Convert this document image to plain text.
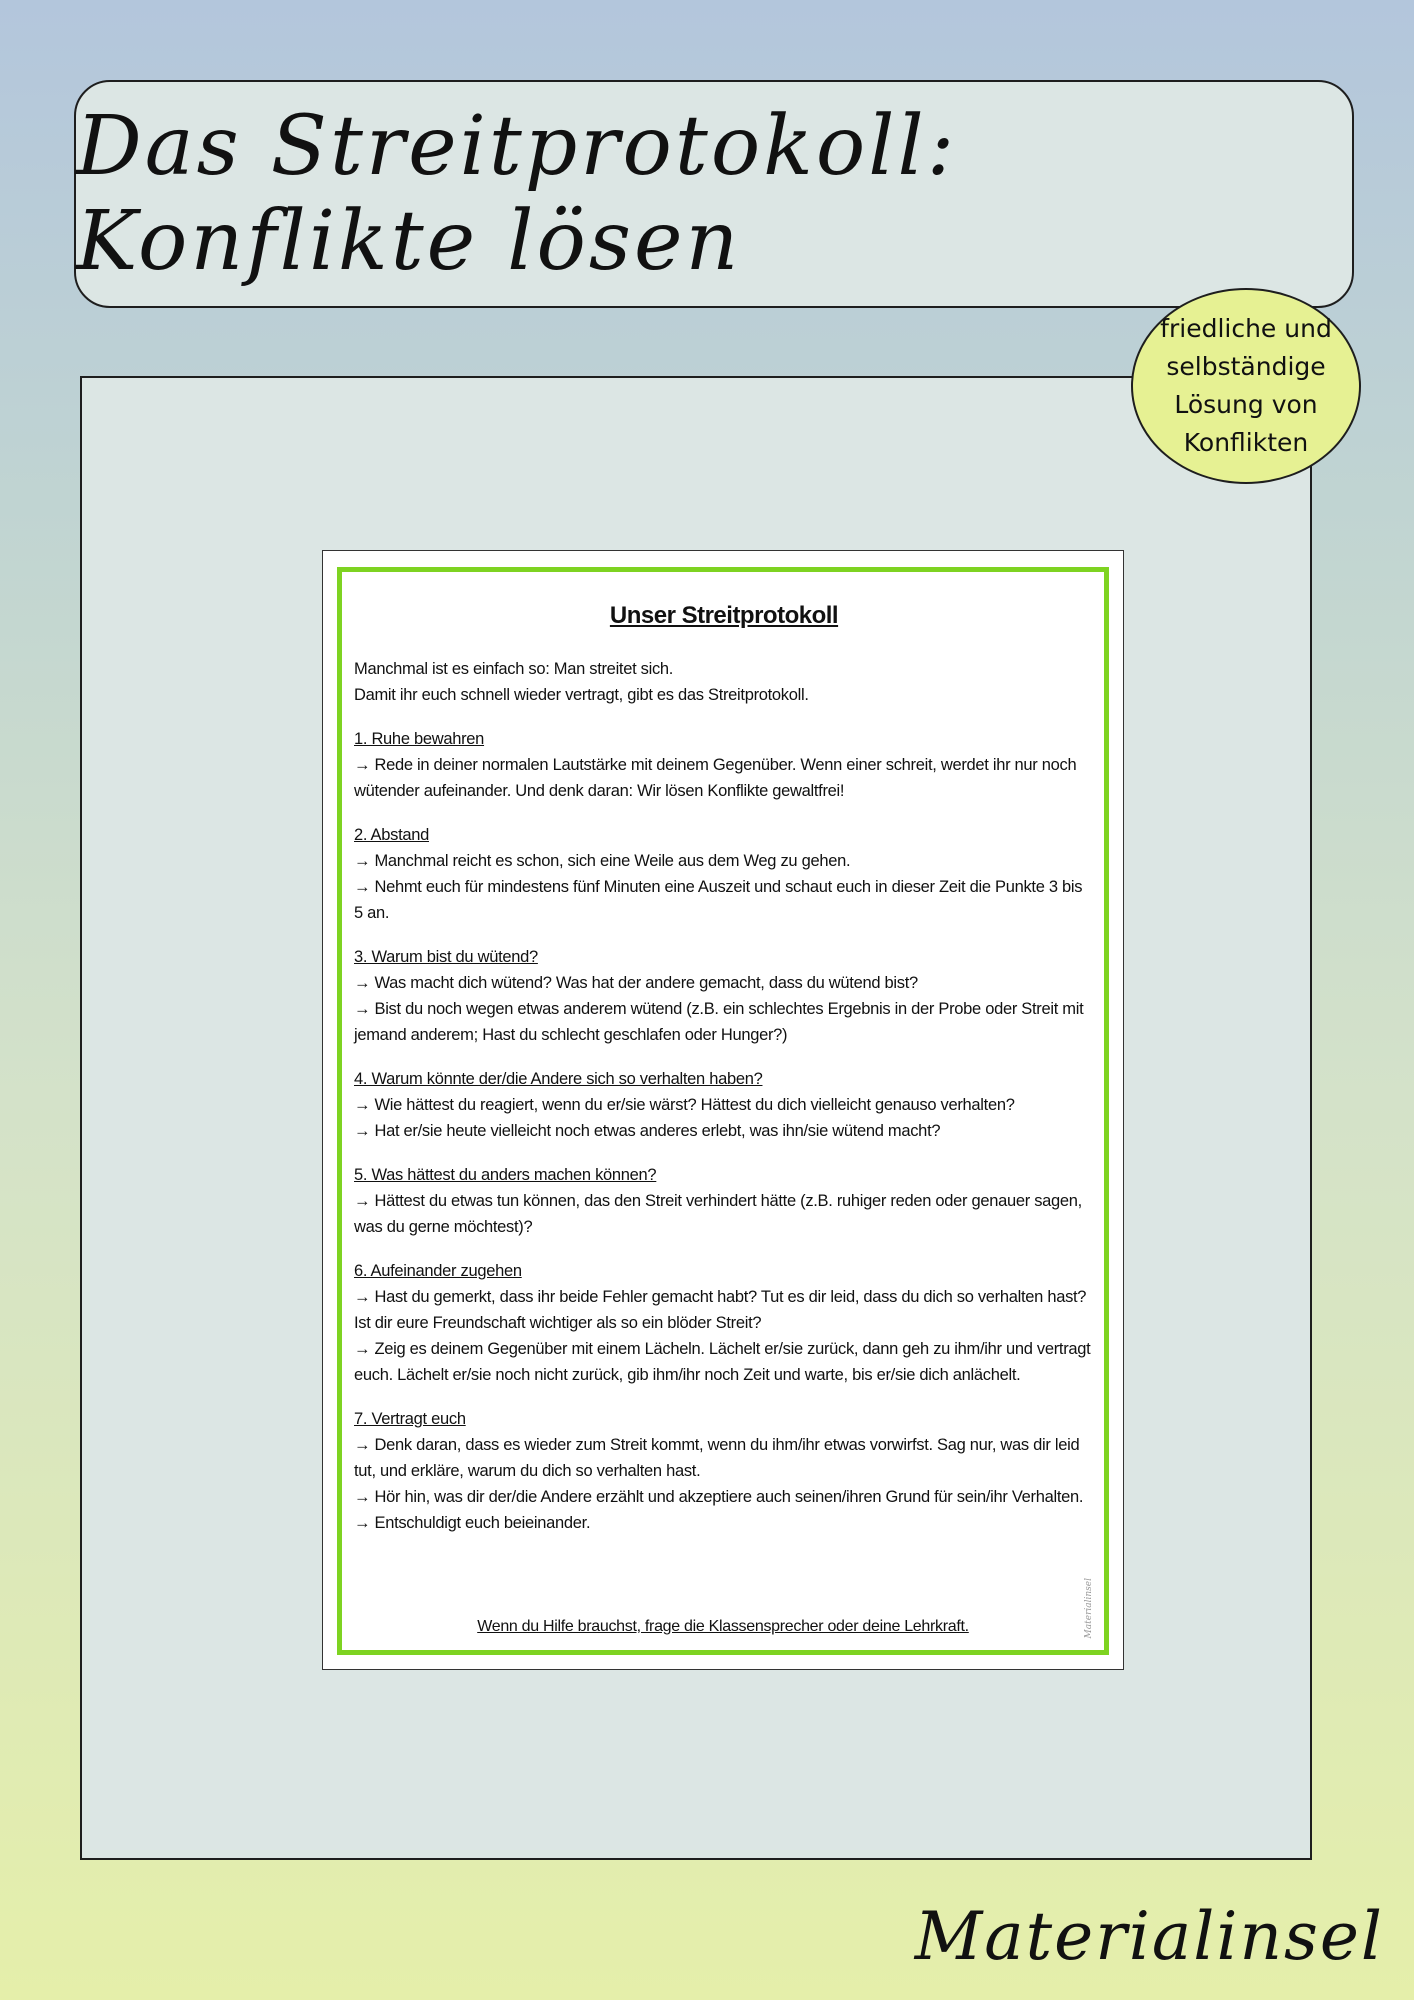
Das Streitprotokoll: Konflikte lösen
friedliche und selbständige Lösung von Konflikten
Unser Streitprotokoll

Manchmal ist es einfach so: Man streitet sich.
Damit ihr euch schnell wieder vertragt, gibt es das Streitprotokoll.

1. Ruhe bewahren
→ Rede in deiner normalen Lautstärke mit deinem Gegenüber. Wenn einer schreit, werdet ihr nur noch wütender aufeinander. Und denk daran: Wir lösen Konflikte gewaltfrei!

2. Abstand
→ Manchmal reicht es schon, sich eine Weile aus dem Weg zu gehen.
→ Nehmt euch für mindestens fünf Minuten eine Auszeit und schaut euch in dieser Zeit die Punkte 3 bis 5 an.

3. Warum bist du wütend?
→ Was macht dich wütend? Was hat der andere gemacht, dass du wütend bist?
→ Bist du noch wegen etwas anderem wütend (z.B. ein schlechtes Ergebnis in der Probe oder Streit mit jemand anderem; Hast du schlecht geschlafen oder Hunger?)

4. Warum könnte der/die Andere sich so verhalten haben?
→ Wie hättest du reagiert, wenn du er/sie wärst? Hättest du dich vielleicht genauso verhalten?
→ Hat er/sie heute vielleicht noch etwas anderes erlebt, was ihn/sie wütend macht?

5. Was hättest du anders machen können?
→ Hättest du etwas tun können, das den Streit verhindert hätte (z.B. ruhiger reden oder genauer sagen, was du gerne möchtest)?

6. Aufeinander zugehen
→ Hast du gemerkt, dass ihr beide Fehler gemacht habt? Tut es dir leid, dass du dich so verhalten hast? Ist dir eure Freundschaft wichtiger als so ein blöder Streit?
→ Zeig es deinem Gegenüber mit einem Lächeln. Lächelt er/sie zurück, dann geh zu ihm/ihr und vertragt euch. Lächelt er/sie noch nicht zurück, gib ihm/ihr noch Zeit und warte, bis er/sie dich anlächelt.

7. Vertragt euch
→ Denk daran, dass es wieder zum Streit kommt, wenn du ihm/ihr etwas vorwirfst. Sag nur, was dir leid tut, und erkläre, warum du dich so verhalten hast.
→ Hör hin, was dir der/die Andere erzählt und akzeptiere auch seinen/ihren Grund für sein/ihr Verhalten.
→ Entschuldigt euch beieinander.

Wenn du Hilfe brauchst, frage die Klassensprecher oder deine Lehrkraft.	Materialinsel
Materialinsel
